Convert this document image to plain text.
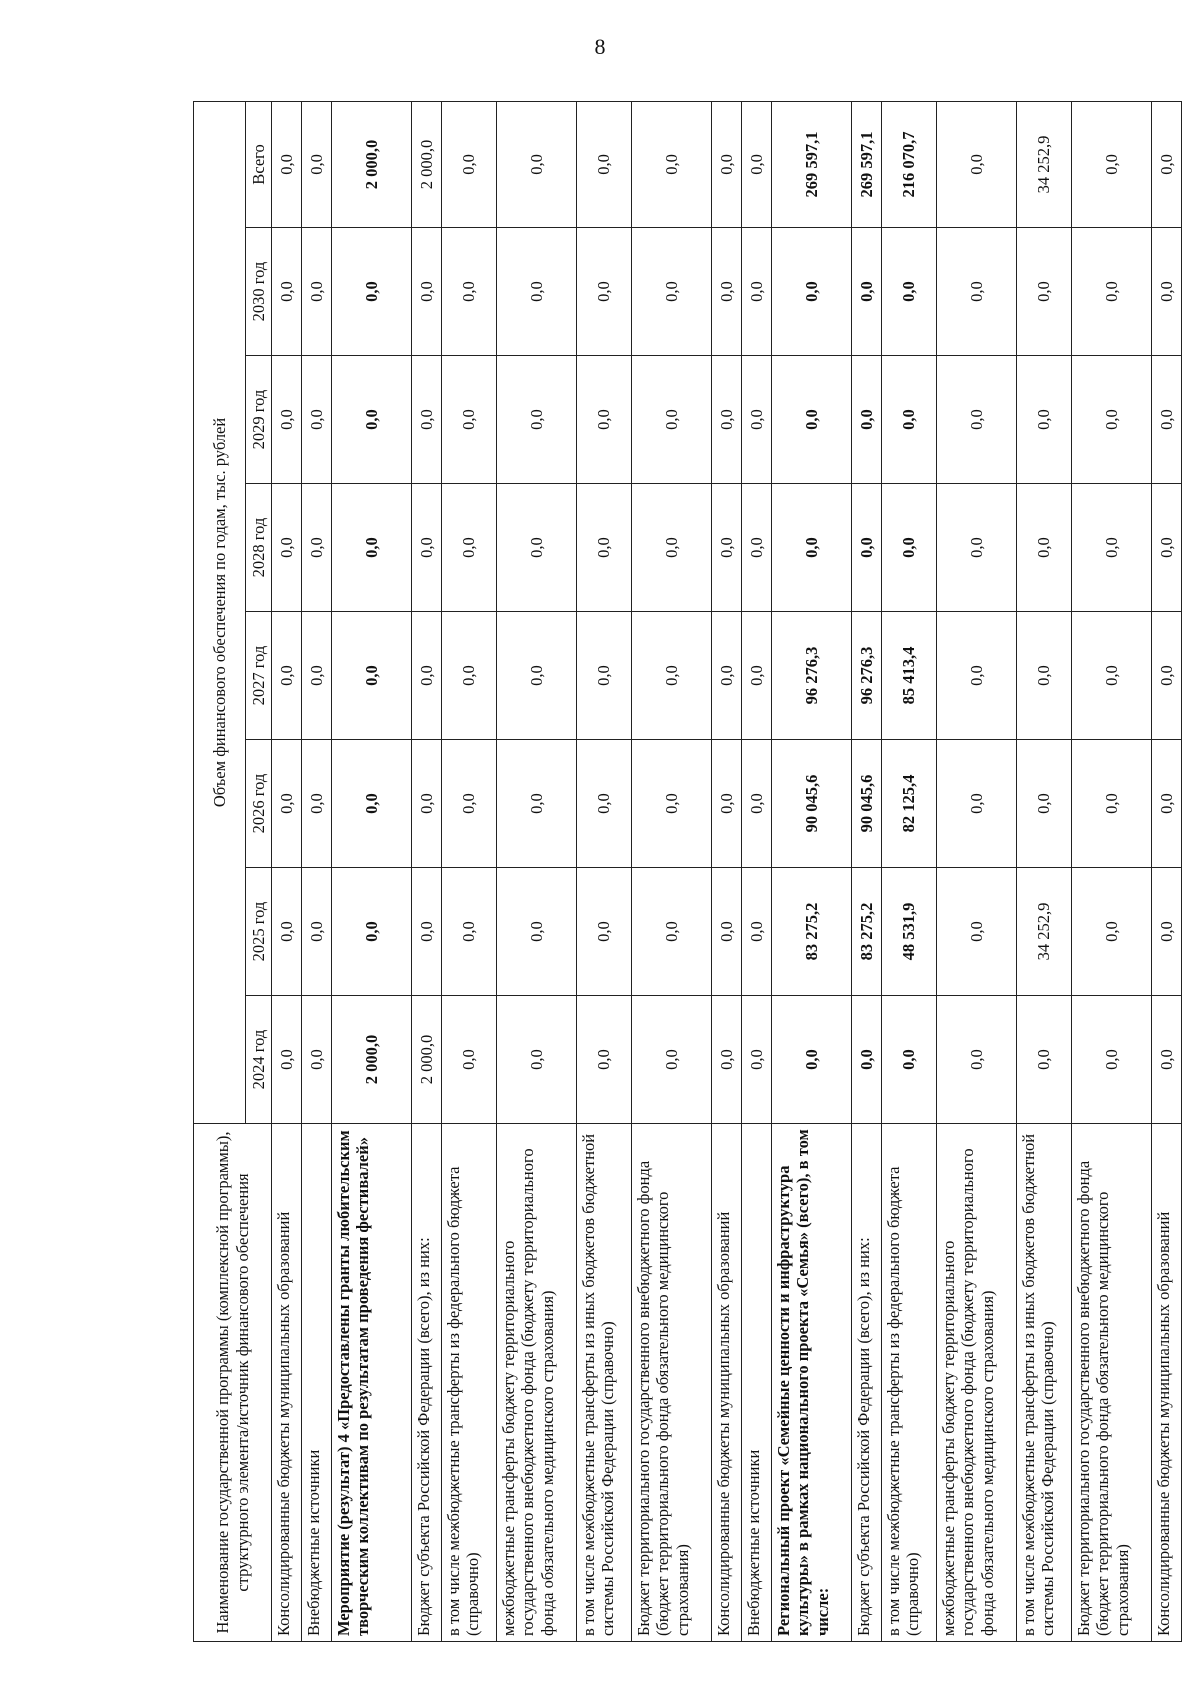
8
Наименование государственной программы (комплексной программы), структурного элемента/источник финансового обеспечения	Объем финансового обеспечения по годам, тыс. рублей							
	2024 год	2025 год	2026 год	2027 год	2028 год	2029 год	2030 год	Всего
Консолидированные бюджеты муниципальных образований	0,0	0,0	0,0	0,0	0,0	0,0	0,0	0,0
Внебюджетные источники	0,0	0,0	0,0	0,0	0,0	0,0	0,0	0,0
Мероприятие (результат) 4 «Предоставлены гранты любительским творческим коллективам по результатам проведения фестивалей»	2 000,0	0,0	0,0	0,0	0,0	0,0	0,0	2 000,0
Бюджет субъекта Российской Федерации (всего), из них:	2 000,0	0,0	0,0	0,0	0,0	0,0	0,0	2 000,0
в том числе межбюджетные трансферты из федерального бюджета (справочно)	0,0	0,0	0,0	0,0	0,0	0,0	0,0	0,0
межбюджетные трансферты бюджету территориального государственного внебюджетного фонда (бюджету территориального фонда обязательного медицинского страхования)	0,0	0,0	0,0	0,0	0,0	0,0	0,0	0,0
в том числе межбюджетные трансферты из иных бюджетов бюджетной системы Российской Федерации (справочно)	0,0	0,0	0,0	0,0	0,0	0,0	0,0	0,0
Бюджет территориального государственного внебюджетного фонда (бюджет территориального фонда обязательного медицинского страхования)	0,0	0,0	0,0	0,0	0,0	0,0	0,0	0,0
Консолидированные бюджеты муниципальных образований	0,0	0,0	0,0	0,0	0,0	0,0	0,0	0,0
Внебюджетные источники	0,0	0,0	0,0	0,0	0,0	0,0	0,0	0,0
Региональный проект «Семейные ценности и инфраструктура культуры» в рамках национального проекта «Семья» (всего), в том числе:	0,0	83 275,2	90 045,6	96 276,3	0,0	0,0	0,0	269 597,1
Бюджет субъекта Российской Федерации (всего), из них:	0,0	83 275,2	90 045,6	96 276,3	0,0	0,0	0,0	269 597,1
в том числе межбюджетные трансферты из федерального бюджета (справочно)	0,0	48 531,9	82 125,4	85 413,4	0,0	0,0	0,0	216 070,7
межбюджетные трансферты бюджету территориального государственного внебюджетного фонда (бюджету территориального фонда обязательного медицинского страхования)	0,0	0,0	0,0	0,0	0,0	0,0	0,0	0,0
в том числе межбюджетные трансферты из иных бюджетов бюджетной системы Российской Федерации (справочно)	0,0	34 252,9	0,0	0,0	0,0	0,0	0,0	34 252,9
Бюджет территориального государственного внебюджетного фонда (бюджет территориального фонда обязательного медицинского страхования)	0,0	0,0	0,0	0,0	0,0	0,0	0,0	0,0
Консолидированные бюджеты муниципальных образований	0,0	0,0	0,0	0,0	0,0	0,0	0,0	0,0
